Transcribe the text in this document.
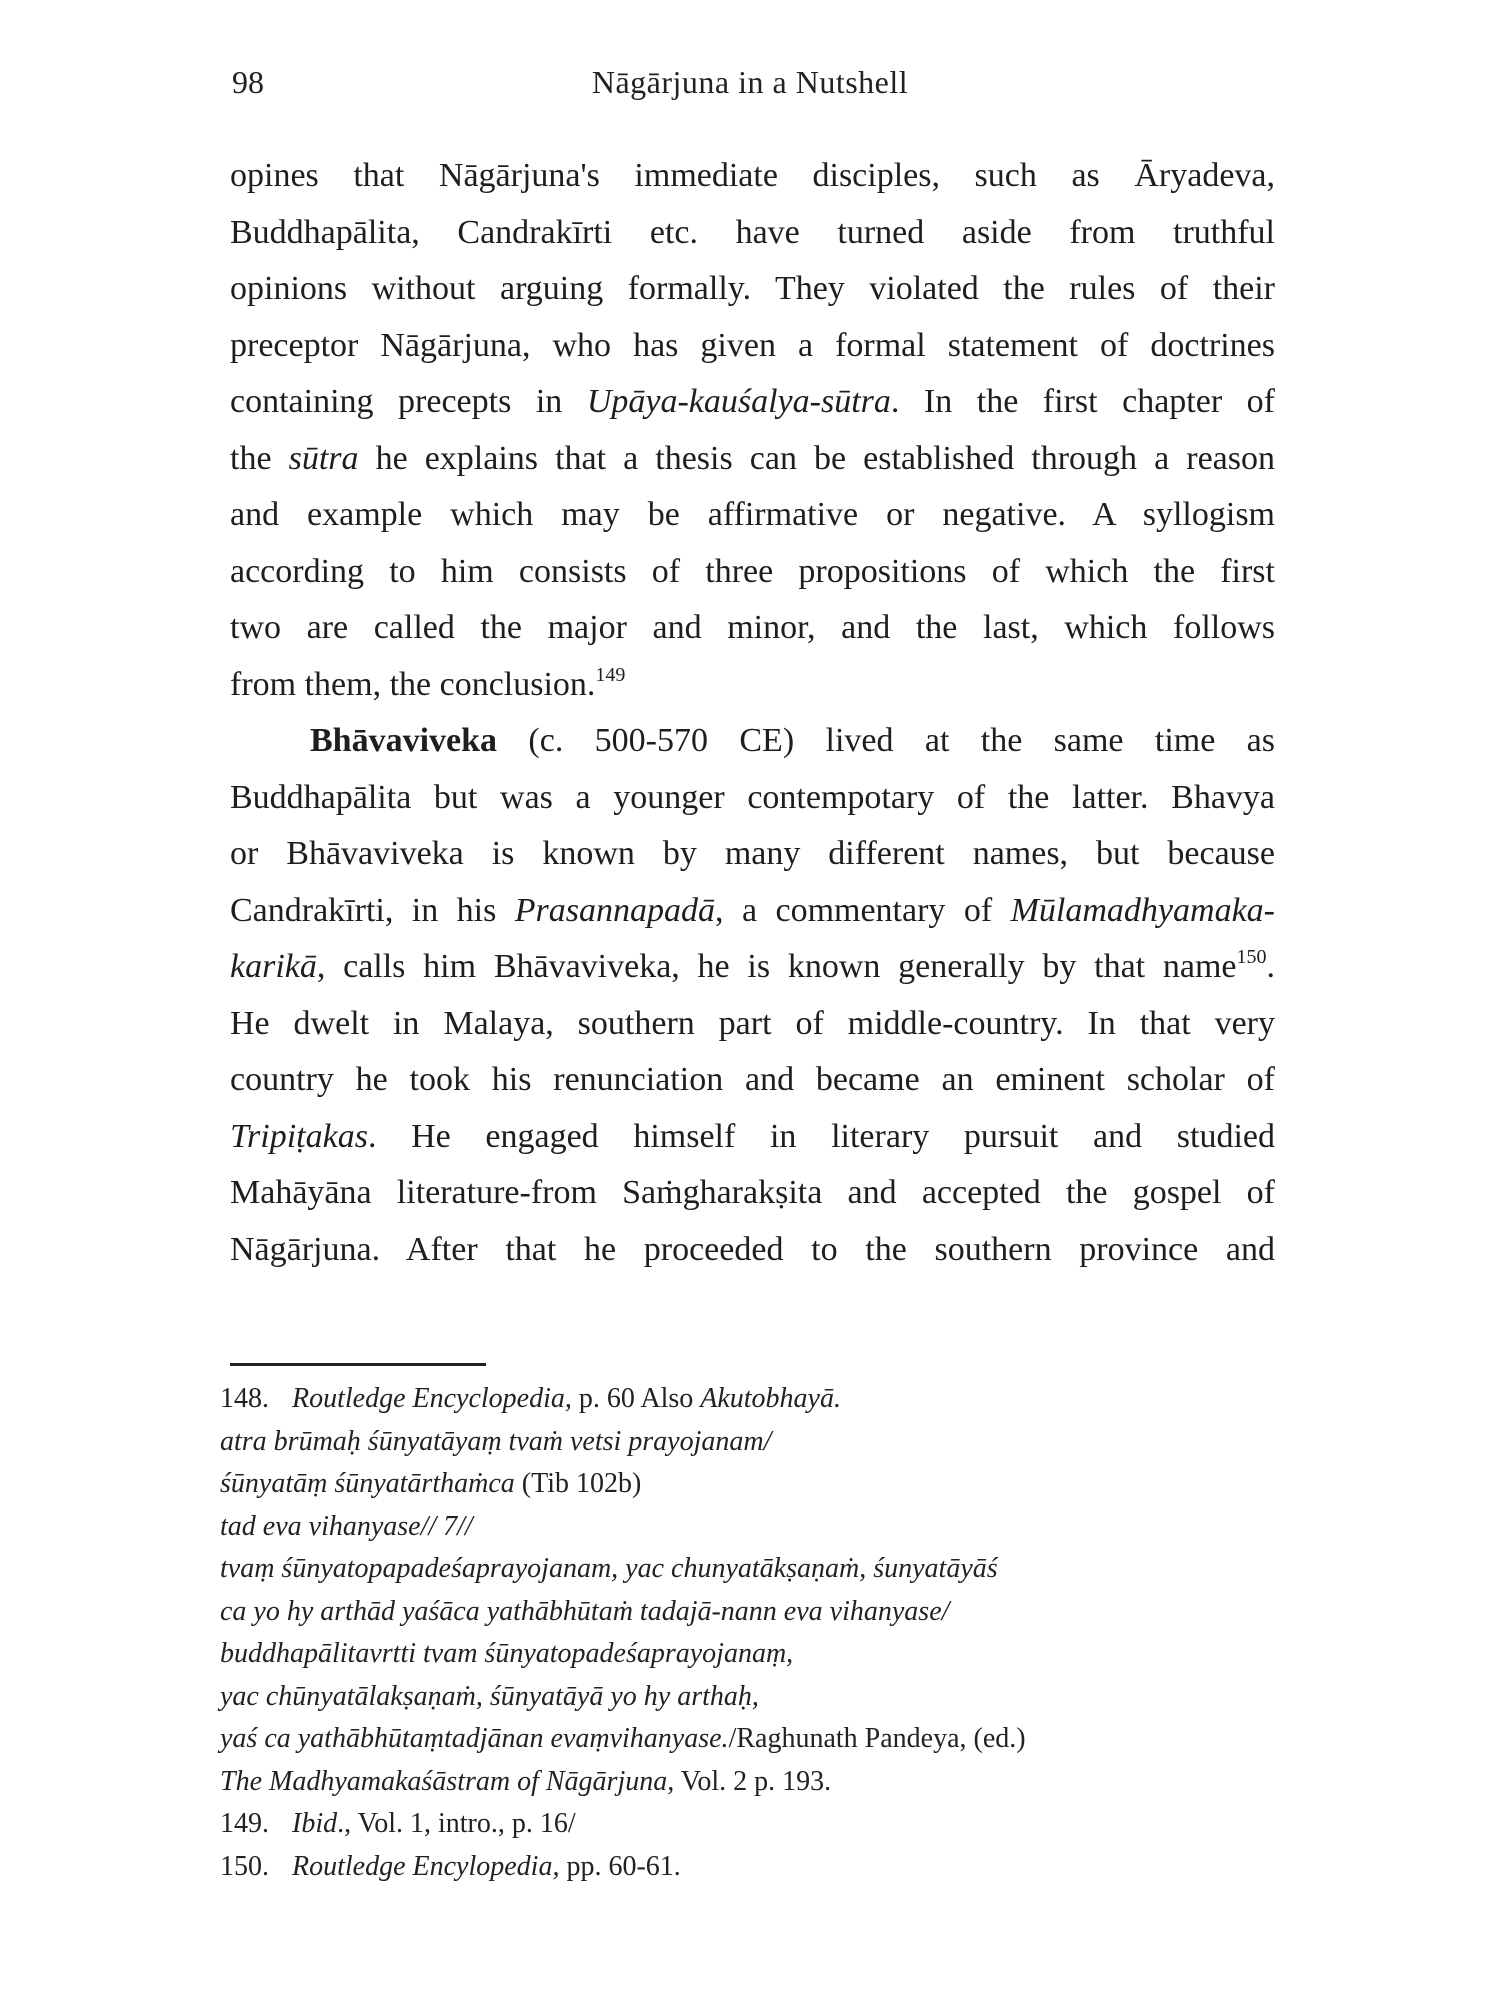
98	Nāgārjuna in a Nutshell
opines that Nāgārjuna's immediate disciples, such as Āryadeva,
Buddhapālita, Candrakīrti etc. have turned aside from truthful
opinions without arguing formally. They violated the rules of their
preceptor Nāgārjuna, who has given a formal statement of doctrines
containing precepts in Upāya-kauśalya-sūtra. In the first chapter of
the sūtra he explains that a thesis can be established through a reason
and example which may be affirmative or negative. A syllogism
according to him consists of three propositions of which the first
two are called the major and minor, and the last, which follows
from them, the conclusion.$^{149}$
Bhāvaviveka (c. 500-570 CE) lived at the same time as
Buddhapālita but was a younger contempotary of the latter. Bhavya
or Bhāvaviveka is known by many different names, but because
Candrakīrti, in his Prasannapadā, a commentary of Mūlamadhyamaka-
karikā, calls him Bhāvaviveka, he is known generally by that name$^{150}$.
He dwelt in Malaya, southern part of middle-country. In that very
country he took his renunciation and became an eminent scholar of
Tripiṭakas. He engaged himself in literary pursuit and studied
Mahāyāna literature-from Saṁgharakṣita and accepted the gospel of
Nāgārjuna. After that he proceeded to the southern province and
148. Routledge Encyclopedia, p. 60 Also Akutobhayā.
atra brūmaḥ śūnyatāyaṃ tvaṁ vetsi prayojanam/
śūnyatāṃ śūnyatārthaṁca (Tib 102b)
tad eva vihanyase// 7//
tvaṃ śūnyatopapadeśaprayojanam, yac chunyatākṣaṇaṁ, śunyatāyāś
ca yo hy arthād yaśāca yathābhūtaṁ tadajā-nann eva vihanyase/
buddhapālitavrtti tvam śūnyatopadeśaprayojanaṃ,
yac chūnyatālakṣaṇaṁ, śūnyatāyā yo hy arthaḥ,
yaś ca yathābhūtaṃtadjānan evaṃvihanyase./Raghunath Pandeya, (ed.)
The Madhyamakaśāstram of Nāgārjuna, Vol. 2 p. 193.
149. Ibid., Vol. 1, intro., p. 16/
150. Routledge Encylopedia, pp. 60-61.
